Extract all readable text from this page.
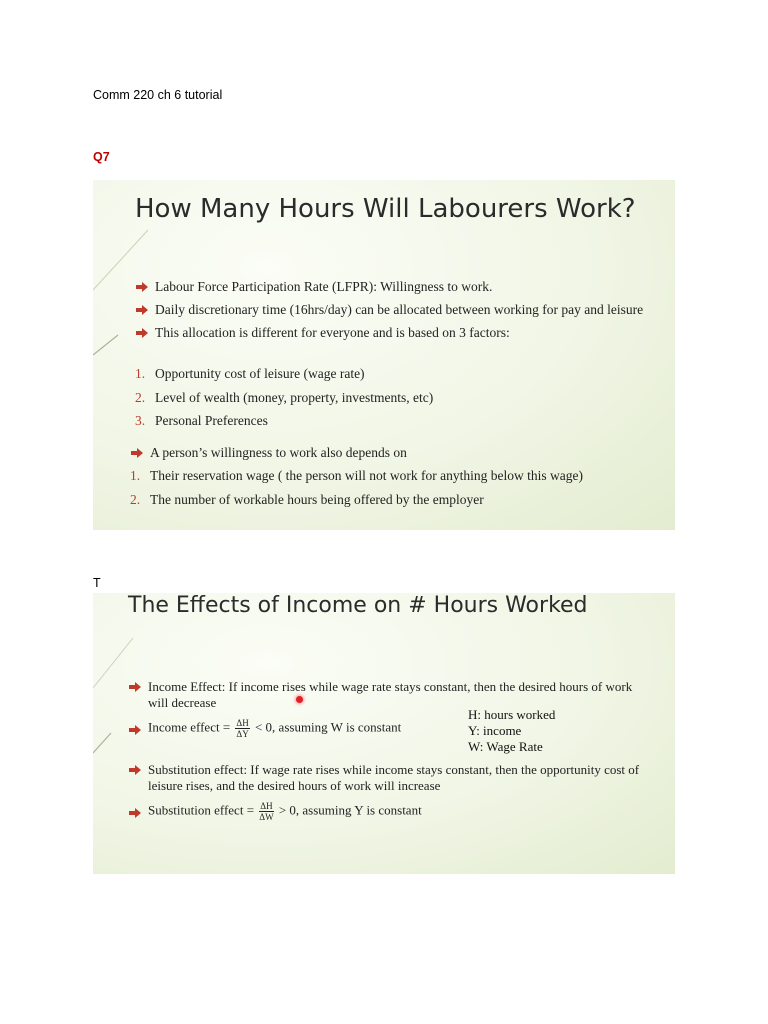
Comm 220 ch 6 tutorial
Q7
How Many Hours Will Labourers Work?
Labour Force Participation Rate (LFPR): Willingness to work.
Daily discretionary time (16hrs/day) can be allocated between working for pay and leisure
This allocation is different for everyone and is based on 3 factors:
1. Opportunity cost of leisure (wage rate)
2. Level of wealth (money, property, investments, etc)
3. Personal Preferences
A person’s willingness to work also depends on
1. Their reservation wage ( the person will not work for anything below this wage)
2. The number of workable hours being offered by the employer
T
The Effects of Income on # Hours Worked
Income Effect: If income rises while wage rate stays constant, then the desired hours of work will decrease
Income effect = $\frac{\Delta H}{\Delta Y} < 0$, assuming W is constant
Substitution effect: If wage rate rises while income stays constant, then the opportunity cost of leisure rises, and the desired hours of work will increase
Substitution effect = $\frac{\Delta H}{\Delta W} > 0$, assuming Y is constant
H: hours worked
Y: income
W: Wage Rate
